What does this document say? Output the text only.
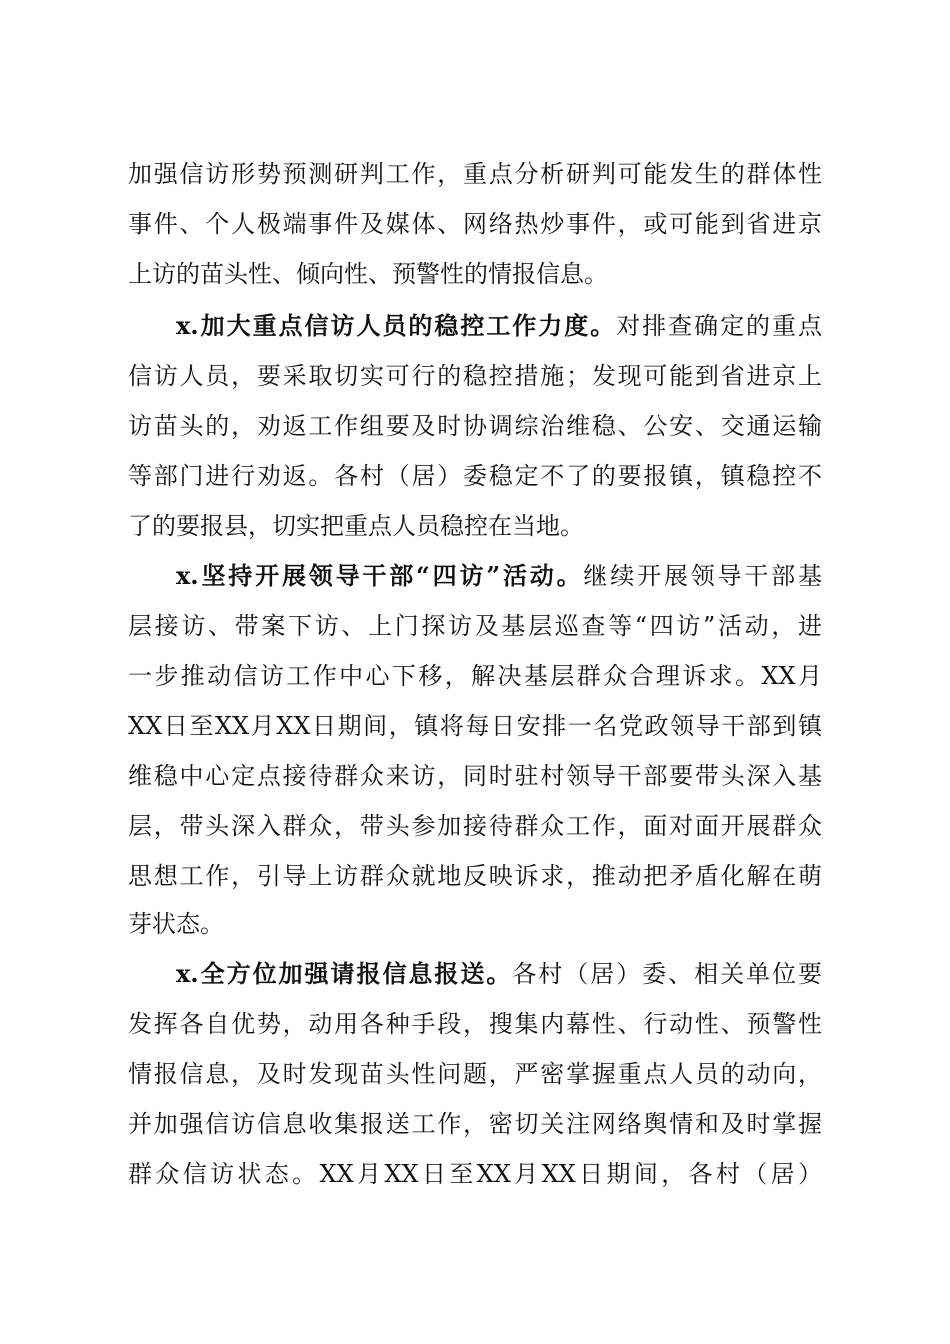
加强信访形势预测研判工作，重点分析研判可能发生的群体性

事件、个人极端事件及媒体、网络热炒事件，或可能到省进京

上访的苗头性、倾向性、预警性的情报信息。

x.加大重点信访人员的稳控工作力度。对排查确定的重点

信访人员，要采取切实可行的稳控措施；发现可能到省进京上

访苗头的，劝返工作组要及时协调综治维稳、公安、交通运输

等部门进行劝返。各村（居）委稳定不了的要报镇，镇稳控不

了的要报县，切实把重点人员稳控在当地。

x.坚持开展领导干部“四访”活动。继续开展领导干部基

层接访、带案下访、上门探访及基层巡查等“四访”活动，进

一步推动信访工作中心下移，解决基层群众合理诉求。XX月

XX日至XX月XX日期间，镇将每日安排一名党政领导干部到镇

维稳中心定点接待群众来访，同时驻村领导干部要带头深入基

层，带头深入群众，带头参加接待群众工作，面对面开展群众

思想工作，引导上访群众就地反映诉求，推动把矛盾化解在萌

芽状态。

x.全方位加强请报信息报送。各村（居）委、相关单位要

发挥各自优势，动用各种手段，搜集内幕性、行动性、预警性

情报信息，及时发现苗头性问题，严密掌握重点人员的动向，

并加强信访信息收集报送工作，密切关注网络舆情和及时掌握

群众信访状态。XX月XX日至XX月XX日期间，各村（居）
